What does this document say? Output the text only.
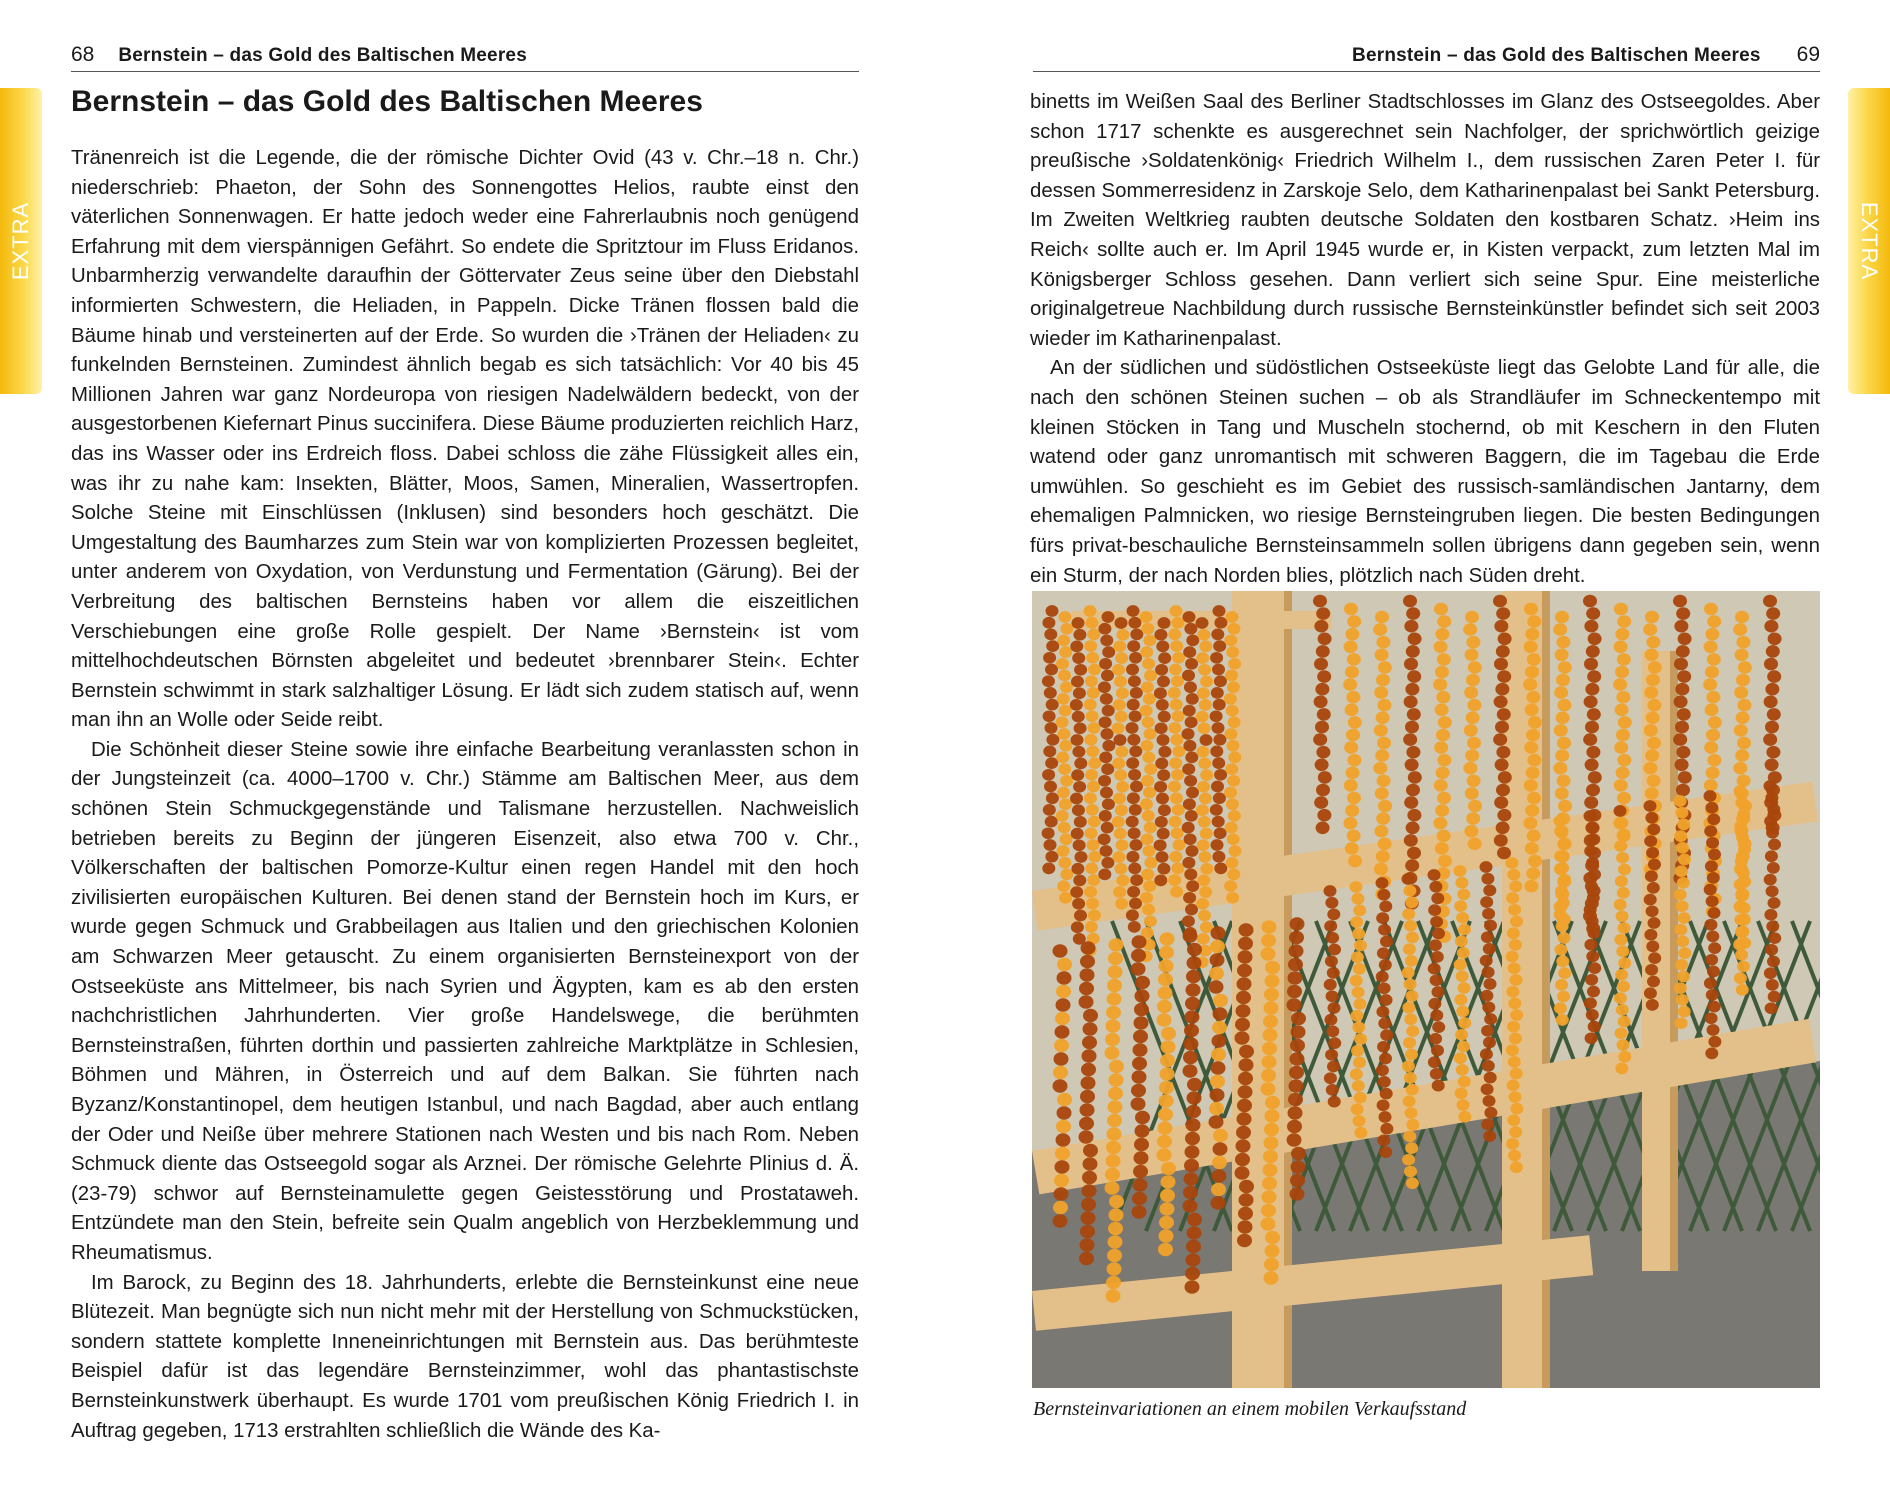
68 Bernstein – das Gold des Baltischen Meeres
EXTRA
Bernstein – das Gold des Baltischen Meeres

Tränenreich ist die Legende, die der römische Dichter Ovid (43 v. Chr.–18 n. Chr.) niederschrieb: Phaeton, der Sohn des Sonnengottes Helios, raubte einst den väterlichen Sonnenwagen. Er hatte jedoch weder eine Fahrerlaubnis noch genügend Erfahrung mit dem vierspännigen Gefährt. So endete die Spritztour im Fluss Eridanos. Unbarmherzig verwandelte daraufhin der Göttervater Zeus seine über den Diebstahl informierten Schwestern, die Heliaden, in Pappeln. Dicke Tränen flossen bald die Bäume hinab und versteinerten auf der Erde. So wurden die ›Tränen der Heliaden‹ zu funkelnden Bernsteinen. Zumindest ähnlich begab es sich tatsächlich: Vor 40 bis 45 Millionen Jahren war ganz Nordeuropa von riesigen Nadelwäldern bedeckt, von der ausgestorbenen Kiefernart Pinus succinifera. Diese Bäume produzierten reichlich Harz, das ins Wasser oder ins Erdreich floss. Dabei schloss die zähe Flüssigkeit alles ein, was ihr zu nahe kam: Insekten, Blätter, Moos, Samen, Mineralien, Wassertropfen. Solche Steine mit Einschlüssen (Inklusen) sind besonders hoch geschätzt. Die Umgestaltung des Baumharzes zum Stein war von komplizierten Prozessen begleitet, unter anderem von Oxydation, von Verdunstung und Fermentation (Gärung). Bei der Verbreitung des baltischen Bernsteins haben vor allem die eiszeitlichen Verschiebungen eine große Rolle gespielt. Der Name ›Bernstein‹ ist vom mittelhochdeutschen Börnsten abgeleitet und bedeutet ›brennbarer Stein‹. Echter Bernstein schwimmt in stark salzhaltiger Lösung. Er lädt sich zudem statisch auf, wenn man ihn an Wolle oder Seide reibt.

Die Schönheit dieser Steine sowie ihre einfache Bearbeitung veranlassten schon in der Jungsteinzeit (ca. 4000–1700 v. Chr.) Stämme am Baltischen Meer, aus dem schönen Stein Schmuckgegenstände und Talismane herzustellen. Nachweislich betrieben bereits zu Beginn der jüngeren Eisenzeit, also etwa 700 v. Chr., Völkerschaften der baltischen Pomorze-Kultur einen regen Handel mit den hoch zivilisierten europäischen Kulturen. Bei denen stand der Bernstein hoch im Kurs, er wurde gegen Schmuck und Grabbeilagen aus Italien und den griechischen Kolonien am Schwarzen Meer getauscht. Zu einem organisierten Bernsteinexport von der Ostseeküste ans Mittelmeer, bis nach Syrien und Ägypten, kam es ab den ersten nachchristlichen Jahrhunderten. Vier große Handelswege, die berühmten Bernsteinstraßen, führten dorthin und passierten zahlreiche Marktplätze in Schlesien, Böhmen und Mähren, in Österreich und auf dem Balkan. Sie führten nach Byzanz/Konstantinopel, dem heutigen Istanbul, und nach Bagdad, aber auch entlang der Oder und Neiße über mehrere Stationen nach Westen und bis nach Rom. Neben Schmuck diente das Ostseegold sogar als Arznei. Der römische Gelehrte Plinius d. Ä. (23-79) schwor auf Bernsteinamulette gegen Geistesstörung und Prostataweh. Entzündete man den Stein, befreite sein Qualm angeblich von Herzbeklemmung und Rheumatismus.

Im Barock, zu Beginn des 18. Jahrhunderts, erlebte die Bernsteinkunst eine neue Blütezeit. Man begnügte sich nun nicht mehr mit der Herstellung von Schmuckstücken, sondern stattete komplette Inneneinrichtungen mit Bernstein aus. Das berühmteste Beispiel dafür ist das legendäre Bernsteinzimmer, wohl das phantastischste Bernsteinkunstwerk überhaupt. Es wurde 1701 vom preußischen König Friedrich I. in Auftrag gegeben, 1713 erstrahlten schließlich die Wände des Ka-

Bernstein – das Gold des Baltischen Meeres 69
EXTRA

binetts im Weißen Saal des Berliner Stadtschlosses im Glanz des Ostseegoldes. Aber schon 1717 schenkte es ausgerechnet sein Nachfolger, der sprichwörtlich geizige preußische ›Soldatenkönig‹ Friedrich Wilhelm I., dem russischen Zaren Peter I. für dessen Sommerresidenz in Zarskoje Selo, dem Katharinenpalast bei Sankt Petersburg. Im Zweiten Weltkrieg raubten deutsche Soldaten den kostbaren Schatz. ›Heim ins Reich‹ sollte auch er. Im April 1945 wurde er, in Kisten verpackt, zum letzten Mal im Königsberger Schloss gesehen. Dann verliert sich seine Spur. Eine meisterliche originalgetreue Nachbildung durch russische Bernsteinkünstler befindet sich seit 2003 wieder im Katharinenpalast.

An der südlichen und südöstlichen Ostseeküste liegt das Gelobte Land für alle, die nach den schönen Steinen suchen – ob als Strandläufer im Schneckentempo mit kleinen Stöcken in Tang und Muscheln stochernd, ob mit Keschern in den Fluten watend oder ganz unromantisch mit schweren Baggern, die im Tagebau die Erde umwühlen. So geschieht es im Gebiet des russisch-samländischen Jantarny, dem ehemaligen Palmnicken, wo riesige Bernsteingruben liegen. Die besten Bedingungen fürs privat-beschauliche Bernsteinsammeln sollen übrigens dann gegeben sein, wenn ein Sturm, der nach Norden blies, plötzlich nach Süden dreht.

Bernsteinvariationen an einem mobilen Verkaufsstand
